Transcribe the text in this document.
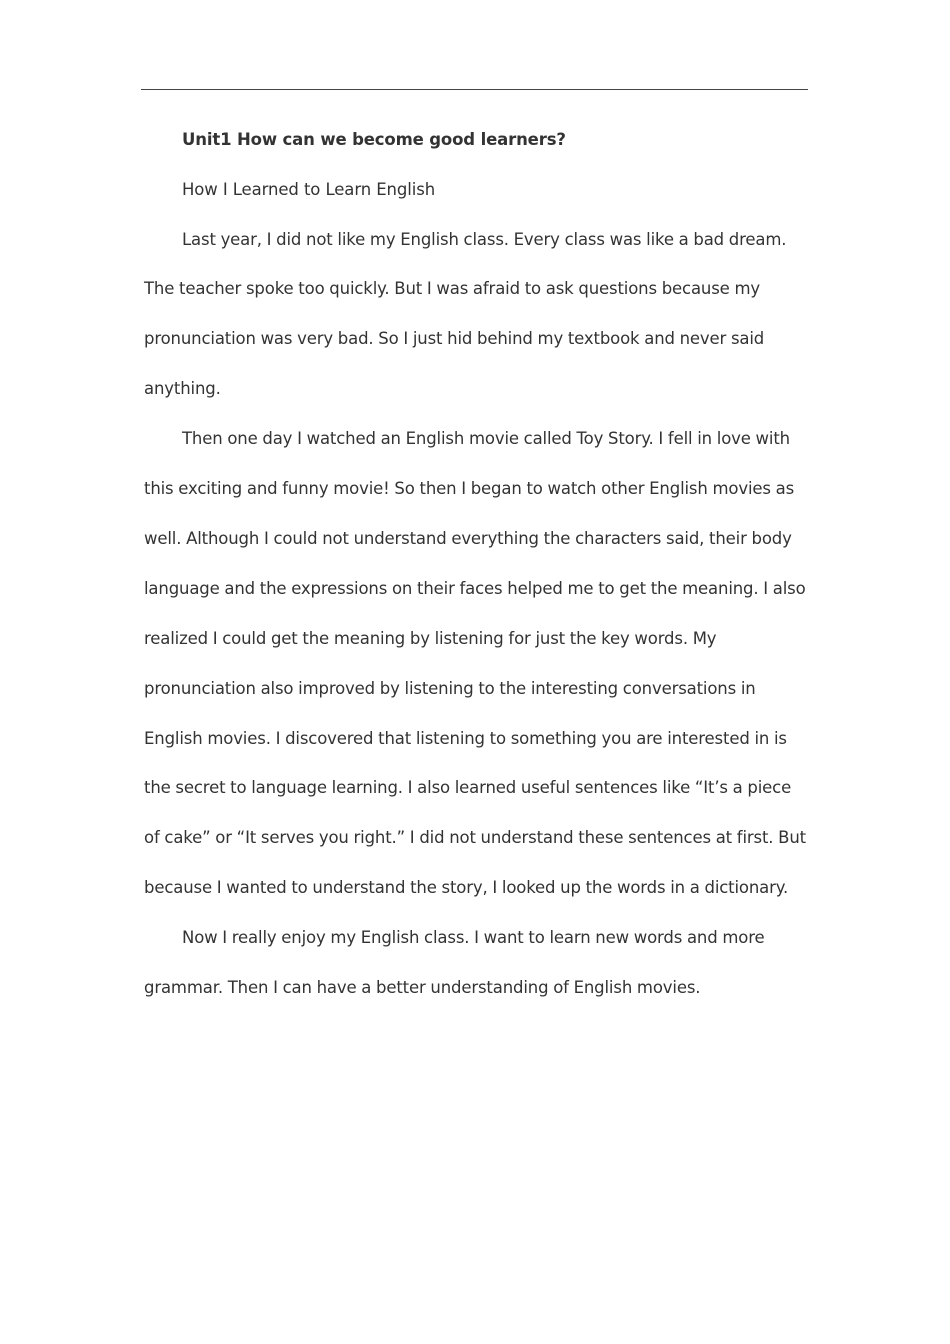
Unit1 How can we become good learners?

How I Learned to Learn English

Last year, I did not like my English class. Every class was like a bad dream. The teacher spoke too quickly. But I was afraid to ask questions because my pronunciation was very bad. So I just hid behind my textbook and never said anything.

Then one day I watched an English movie called Toy Story. I fell in love with this exciting and funny movie! So then I began to watch other English movies as well. Although I could not understand everything the characters said, their body language and the expressions on their faces helped me to get the meaning. I also realized I could get the meaning by listening for just the key words. My pronunciation also improved by listening to the interesting conversations in English movies. I discovered that listening to something you are interested in is the secret to language learning. I also learned useful sentences like “It’s a piece of cake” or “It serves you right.” I did not understand these sentences at first. But because I wanted to understand the story, I looked up the words in a dictionary.

Now I really enjoy my English class. I want to learn new words and more grammar. Then I can have a better understanding of English movies.
